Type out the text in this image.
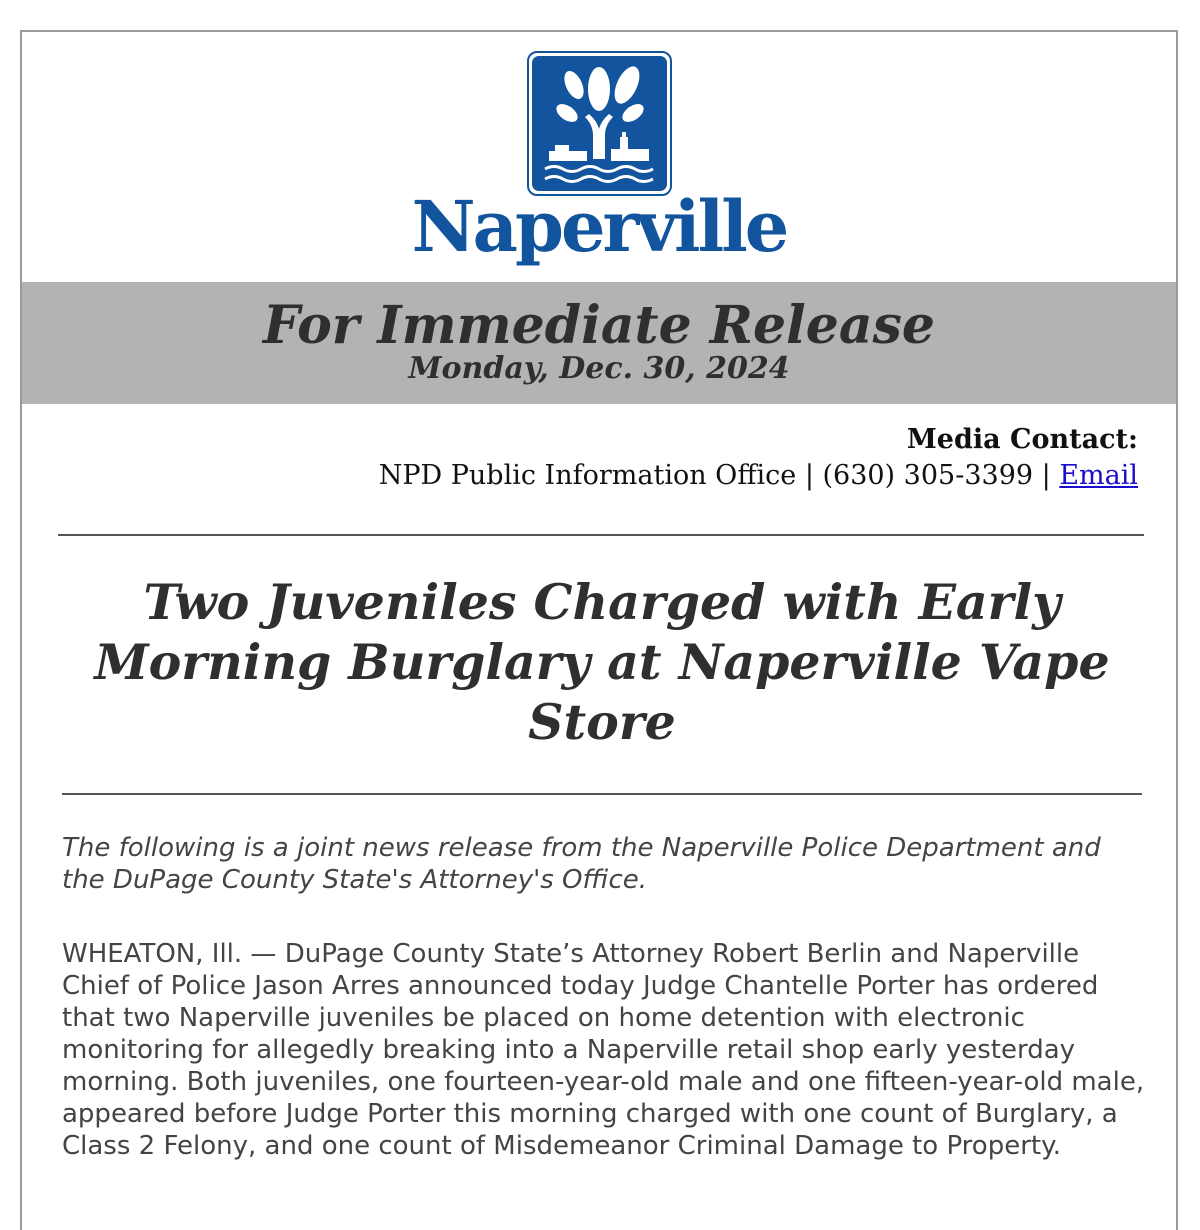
Naperville
For Immediate Release
Monday, Dec. 30, 2024
Media Contact:
NPD Public Information Office | (630) 305-3399 | Email
Two Juveniles Charged with Early Morning Burglary at Naperville Vape Store
The following is a joint news release from the Naperville Police Department and the DuPage County State's Attorney's Office.
WHEATON, Ill. — DuPage County State’s Attorney Robert Berlin and Naperville Chief of Police Jason Arres announced today Judge Chantelle Porter has ordered that two Naperville juveniles be placed on home detention with electronic monitoring for allegedly breaking into a Naperville retail shop early yesterday morning. Both juveniles, one fourteen-year-old male and one fifteen-year-old male, appeared before Judge Porter this morning charged with one count of Burglary, a Class 2 Felony, and one count of Misdemeanor Criminal Damage to Property.
